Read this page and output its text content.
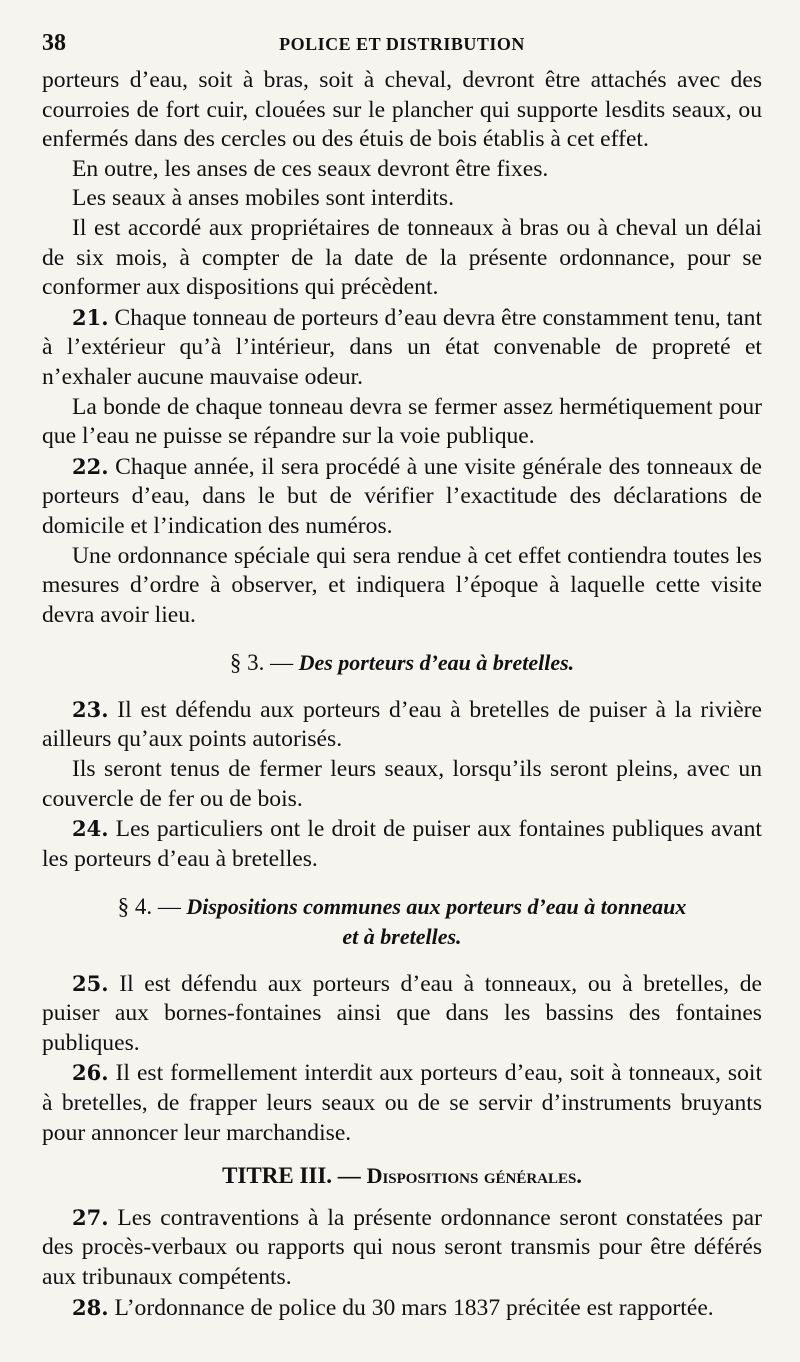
38	POLICE ET DISTRIBUTION

porteurs d’eau, soit à bras, soit à cheval, devront être attachés avec des courroies de fort cuir, clouées sur le plancher qui supporte lesdits seaux, ou enfermés dans des cercles ou des étuis de bois établis à cet effet.

En outre, les anses de ces seaux devront être fixes.

Les seaux à anses mobiles sont interdits.

Il est accordé aux propriétaires de tonneaux à bras ou à cheval un délai de six mois, à compter de la date de la présente ordonnance, pour se conformer aux dispositions qui précèdent.

21. Chaque tonneau de porteurs d’eau devra être constamment tenu, tant à l’extérieur qu’à l’intérieur, dans un état convenable de propreté et n’exhaler aucune mauvaise odeur.

La bonde de chaque tonneau devra se fermer assez hermétiquement pour que l’eau ne puisse se répandre sur la voie publique.

22. Chaque année, il sera procédé à une visite générale des tonneaux de porteurs d’eau, dans le but de vérifier l’exactitude des déclarations de domicile et l’indication des numéros.

Une ordonnance spéciale qui sera rendue à cet effet contiendra toutes les mesures d’ordre à observer, et indiquera l’époque à laquelle cette visite devra avoir lieu.

§ 3. — Des porteurs d’eau à bretelles.

23. Il est défendu aux porteurs d’eau à bretelles de puiser à la rivière ailleurs qu’aux points autorisés.

Ils seront tenus de fermer leurs seaux, lorsqu’ils seront pleins, avec un couvercle de fer ou de bois.

24. Les particuliers ont le droit de puiser aux fontaines publiques avant les porteurs d’eau à bretelles.

§ 4. — Dispositions communes aux porteurs d’eau à tonneaux
et à bretelles.

25. Il est défendu aux porteurs d’eau à tonneaux, ou à bretelles, de puiser aux bornes-fontaines ainsi que dans les bassins des fontaines publiques.

26. Il est formellement interdit aux porteurs d’eau, soit à tonneaux, soit à bretelles, de frapper leurs seaux ou de se servir d’instruments bruyants pour annoncer leur marchandise.

TITRE III. — Dispositions générales.

27. Les contraventions à la présente ordonnance seront constatées par des procès-verbaux ou rapports qui nous seront transmis pour être déférés aux tribunaux compétents.

28. L’ordonnance de police du 30 mars 1837 précitée est rapportée.
